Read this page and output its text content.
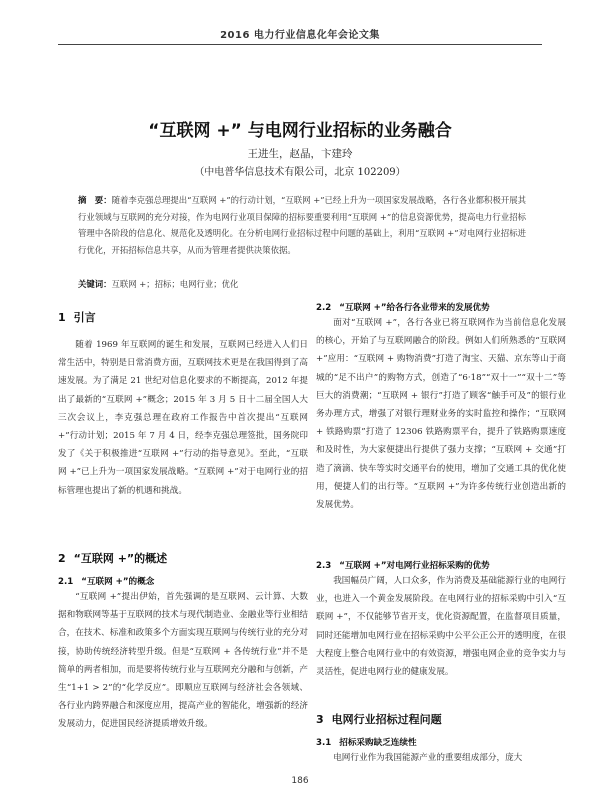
2016 电力行业信息化年会论文集
“互联网 +” 与电网行业招标的业务融合
王进生，赵晶，卞建玲
（中电普华信息技术有限公司，北京 102209）
摘　要：随着李克强总理提出“互联网 +”的行动计划，“互联网 +”已经上升为一项国家发展战略，各行各业都积极开展其行业领域与互联网的充分对接，作为电网行业项目保障的招标要重要利用“互联网 +”的信息资源优势，提高电力行业招标管理中各阶段的信息化、规范化及透明化。在分析电网行业招标过程中问题的基础上，利用“互联网 +”对电网行业招标进行优化，开拓招标信息共享，从而为管理者提供决策依据。
关键词：互联网 +；招标；电网行业；优化
1 引言
随着 1969 年互联网的诞生和发展，互联网已经进入人们日常生活中，特别是日常消费方面，互联网技术更是在我国得到了高速发展。为了满足 21 世纪对信息化要求的不断提高，2012 年提出了最新的“互联网 +”概念；2015 年 3 月 5 日十二届全国人大三次会议上，李克强总理在政府工作报告中首次提出“互联网 +”行动计划；2015 年 7 月 4 日，经李克强总理签批，国务院印发了《关于积极推进“互联网 +”行动的指导意见》。至此，“互联网 +”已上升为一项国家发展战略。“互联网 +”对于电网行业的招标管理也提出了新的机遇和挑战。
2 “互联网 +”的概述
2.1 “互联网 +”的概念
“互联网 +”提出伊始，首先强调的是互联网、云计算、大数据和物联网等基于互联网的技术与现代制造业、金融业等行业相结合，在技术、标准和政策多个方面实现互联网与传统行业的充分对接，协助传统经济转型升级。但是“互联网 + 各传统行业”并不是简单的两者相加，而是要将传统行业与互联网充分融和与创新，产生“1+1 > 2”的“化学反应”。即顺应互联网与经济社会各领域、各行业内跨界融合和深度应用，提高产业的智能化，增强新的经济发展动力，促进国民经济提质增效升级。
2.2 “互联网 +”给各行各业带来的发展优势
面对“互联网 +”，各行各业已将互联网作为当前信息化发展的核心，开始了与互联网融合的阶段。例如人们所熟悉的“互联网 +”应用：“互联网 + 购物消费”打造了淘宝、天猫、京东等山于商城的“足不出户”的购物方式，创造了“6·18”“双十一”“双十二”等巨大的消费潮；“互联网 + 银行”打造了顾客“触手可及”的银行业务办理方式，增强了对银行理财业务的实时监控和操作；“互联网 + 铁路购票”打造了 12306 铁路购票平台，提升了铁路购票速度和及时性，为大家便捷出行提供了强力支撑；“互联网 + 交通”打造了滴滴、快车等实时交通平台的使用，增加了交通工具的优化使用，便捷人们的出行等。“互联网 +”为许多传统行业创造出新的发展优势。
2.3 “互联网 +”对电网行业招标采购的优势
我国幅员广阔，人口众多，作为消费及基础能源行业的电网行业，也进入一个黄金发展阶段。在电网行业的招标采购中引入“互联网 +”，不仅能够节省开支，优化资源配置，在监督项目质量，同时还能增加电网行业在招标采购中公平公正公开的透明度，在很大程度上整合电网行业中的有效资源，增强电网企业的竞争实力与灵活性，促进电网行业的健康发展。
3 电网行业招标过程问题
3.1 招标采购缺乏连续性
电网行业作为我国能源产业的重要组成部分，庞大
186
